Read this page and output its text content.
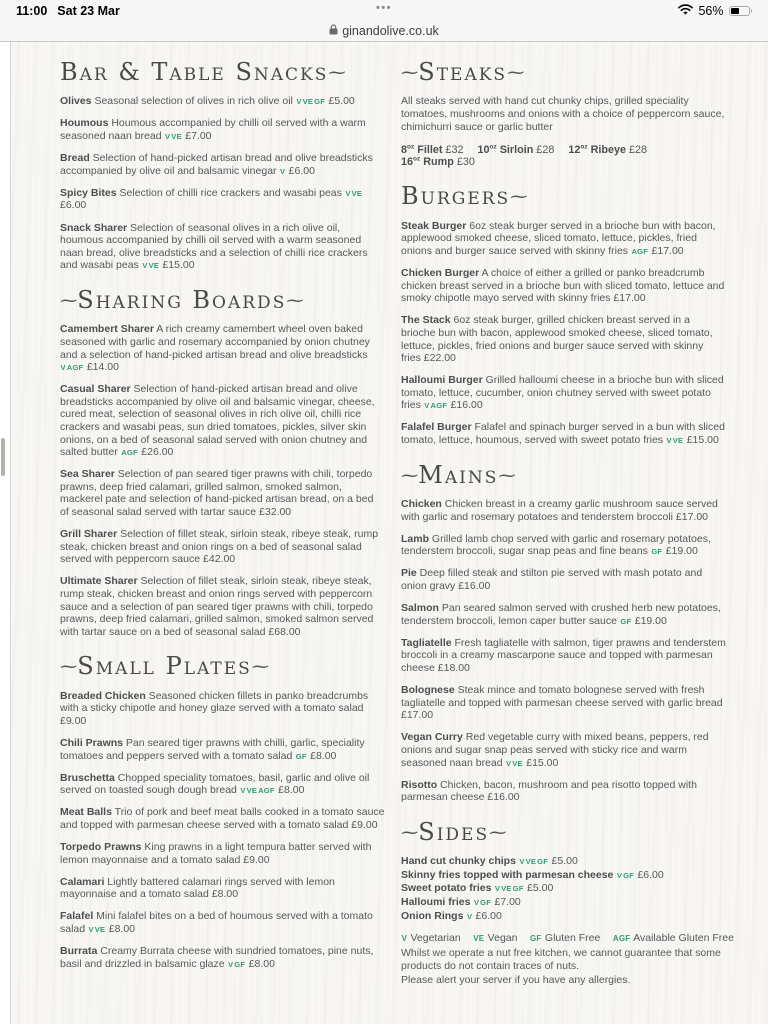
11:00 Sat 23 Mar	•••	56%
ginandolive.co.uk
Bar & Table Snacks⁓

Olives Seasonal selection of olives in rich olive oil VVEGF £5.00

Houmous Houmous accompanied by chilli oil served with a warm seasoned naan bread VVE £7.00

Bread Selection of hand-picked artisan bread and olive breadsticks accompanied by olive oil and balsamic vinegar V £6.00

Spicy Bites Selection of chilli rice crackers and wasabi peas VVE £6.00

Snack Sharer Selection of seasonal olives in a rich olive oil, houmous accompanied by chilli oil served with a warm seasoned naan bread, olive breadsticks and a selection of chilli rice crackers and wasabi peas VVE £15.00

⁓Sharing Boards⁓

Camembert Sharer A rich creamy camembert wheel oven baked seasoned with garlic and rosemary accompanied by onion chutney and a selection of hand-picked artisan bread and olive breadsticks VAGF £14.00

Casual Sharer Selection of hand-picked artisan bread and olive breadsticks accompanied by olive oil and balsamic vinegar, cheese, cured meat, selection of seasonal olives in rich olive oil, chilli rice crackers and wasabi peas, sun dried tomatoes, pickles, silver skin onions, on a bed of seasonal salad served with onion chutney and salted butter AGF £26.00

Sea Sharer Selection of pan seared tiger prawns with chili, torpedo prawns, deep fried calamari, grilled salmon, smoked salmon, mackerel pate and selection of hand-picked artisan bread, on a bed of seasonal salad served with tartar sauce £32.00

Grill Sharer Selection of fillet steak, sirloin steak, ribeye steak, rump steak, chicken breast and onion rings on a bed of seasonal salad served with peppercorn sauce £42.00

Ultimate Sharer Selection of fillet steak, sirloin steak, ribeye steak, rump steak, chicken breast and onion rings served with peppercorn sauce and a selection of pan seared tiger prawns with chili, torpedo prawns, deep fried calamari, grilled salmon, smoked salmon served with tartar sauce on a bed of seasonal salad £68.00

⁓Small Plates⁓

Breaded Chicken Seasoned chicken fillets in panko breadcrumbs with a sticky chipotle and honey glaze served with a tomato salad £9.00

Chili Prawns Pan seared tiger prawns with chilli, garlic, speciality tomatoes and peppers served with a tomato salad GF £8.00

Bruschetta Chopped speciality tomatoes, basil, garlic and olive oil served on toasted sough dough bread VVEAGF £8.00

Meat Balls Trio of pork and beef meat balls cooked in a tomato sauce and topped with parmesan cheese served with a tomato salad £9.00

Torpedo Prawns King prawns in a light tempura batter served with lemon mayonnaise and a tomato salad £9.00

Calamari Lightly battered calamari rings served with lemon mayonnaise and a tomato salad £8.00

Falafel Mini falafel bites on a bed of houmous served with a tomato salad VVE £8.00

Burrata Creamy Burrata cheese with sundried tomatoes, pine nuts, basil and drizzled in balsamic glaze VGF £8.00

⁓Steaks⁓

All steaks served with hand cut chunky chips, grilled speciality tomatoes, mushrooms and onions with a choice of peppercorn sauce, chimichurri sauce or garlic butter

$8^{oz}$ Fillet £32 $10^{oz}$ Sirloin £28 $12^{oz}$ Ribeye £28 $16^{oz}$ Rump £30

Burgers⁓

Steak Burger 6oz steak burger served in a brioche bun with bacon, applewood smoked cheese, sliced tomato, lettuce, pickles, fried onions and burger sauce served with skinny fries AGF £17.00

Chicken Burger A choice of either a grilled or panko breadcrumb chicken breast served in a brioche bun with sliced tomato, lettuce and smoky chipotle mayo served with skinny fries £17.00

The Stack 6oz steak burger, grilled chicken breast served in a brioche bun with bacon, applewood smoked cheese, sliced tomato, lettuce, pickles, fried onions and burger sauce served with skinny fries £22.00

Halloumi Burger Grilled halloumi cheese in a brioche bun with sliced tomato, lettuce, cucumber, onion chutney served with sweet potato fries VAGF £16.00

Falafel Burger Falafel and spinach burger served in a bun with sliced tomato, lettuce, houmous, served with sweet potato fries VVE £15.00

⁓Mains⁓

Chicken Chicken breast in a creamy garlic mushroom sauce served with garlic and rosemary potatoes and tenderstem broccoli £17.00

Lamb Grilled lamb chop served with garlic and rosemary potatoes, tenderstem broccoli, sugar snap peas and fine beans GF £19.00

Pie Deep filled steak and stilton pie served with mash potato and onion gravy £16.00

Salmon Pan seared salmon served with crushed herb new potatoes, tenderstem broccoli, lemon caper butter sauce GF £19.00

Tagliatelle Fresh tagliatelle with salmon, tiger prawns and tenderstem broccoli in a creamy mascarpone sauce and topped with parmesan cheese £18.00

Bolognese Steak mince and tomato bolognese served with fresh tagliatelle and topped with parmesan cheese served with garlic bread £17.00

Vegan Curry Red vegetable curry with mixed beans, peppers, red onions and sugar snap peas served with sticky rice and warm seasoned naan bread VVE £15.00

Risotto Chicken, bacon, mushroom and pea risotto topped with parmesan cheese £16.00

⁓Sides⁓

Hand cut chunky chips VVEGF £5.00

Skinny fries topped with parmesan cheese VGF £6.00

Sweet potato fries VVEGF £5.00

Halloumi fries VGF £7.00

Onion Rings V £6.00

V Vegetarian VE Vegan GF Gluten Free AGF Available Gluten Free

Whilst we operate a nut free kitchen, we cannot guarantee that some products do not contain traces of nuts.

Please alert your server if you have any allergies.
